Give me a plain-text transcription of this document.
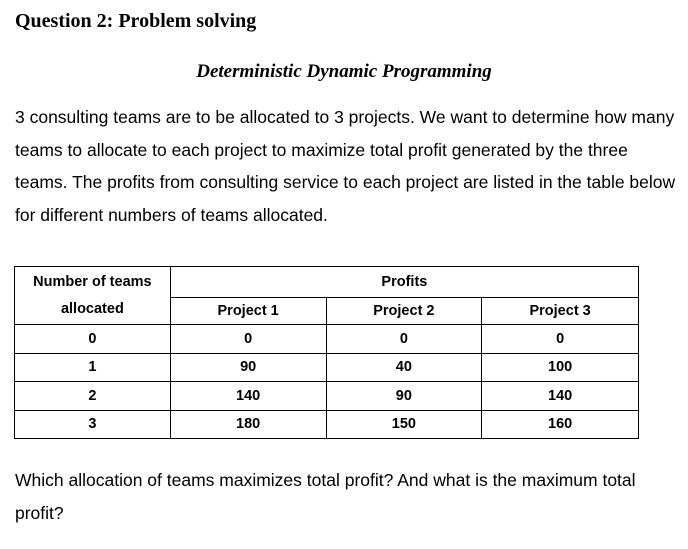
Question 2: Problem solving
Deterministic Dynamic Programming
3 consulting teams are to be allocated to 3 projects. We want to determine how many teams to allocate to each project to maximize total profit generated by the three teams. The profits from consulting service to each project are listed in the table below for different numbers of teams allocated.
Number of teams
allocated	Profits		
	Project 1	Project 2	Project 3
0	0	0	0
1	90	40	100
2	140	90	140
3	180	150	160
Which allocation of teams maximizes total profit? And what is the maximum total profit?
